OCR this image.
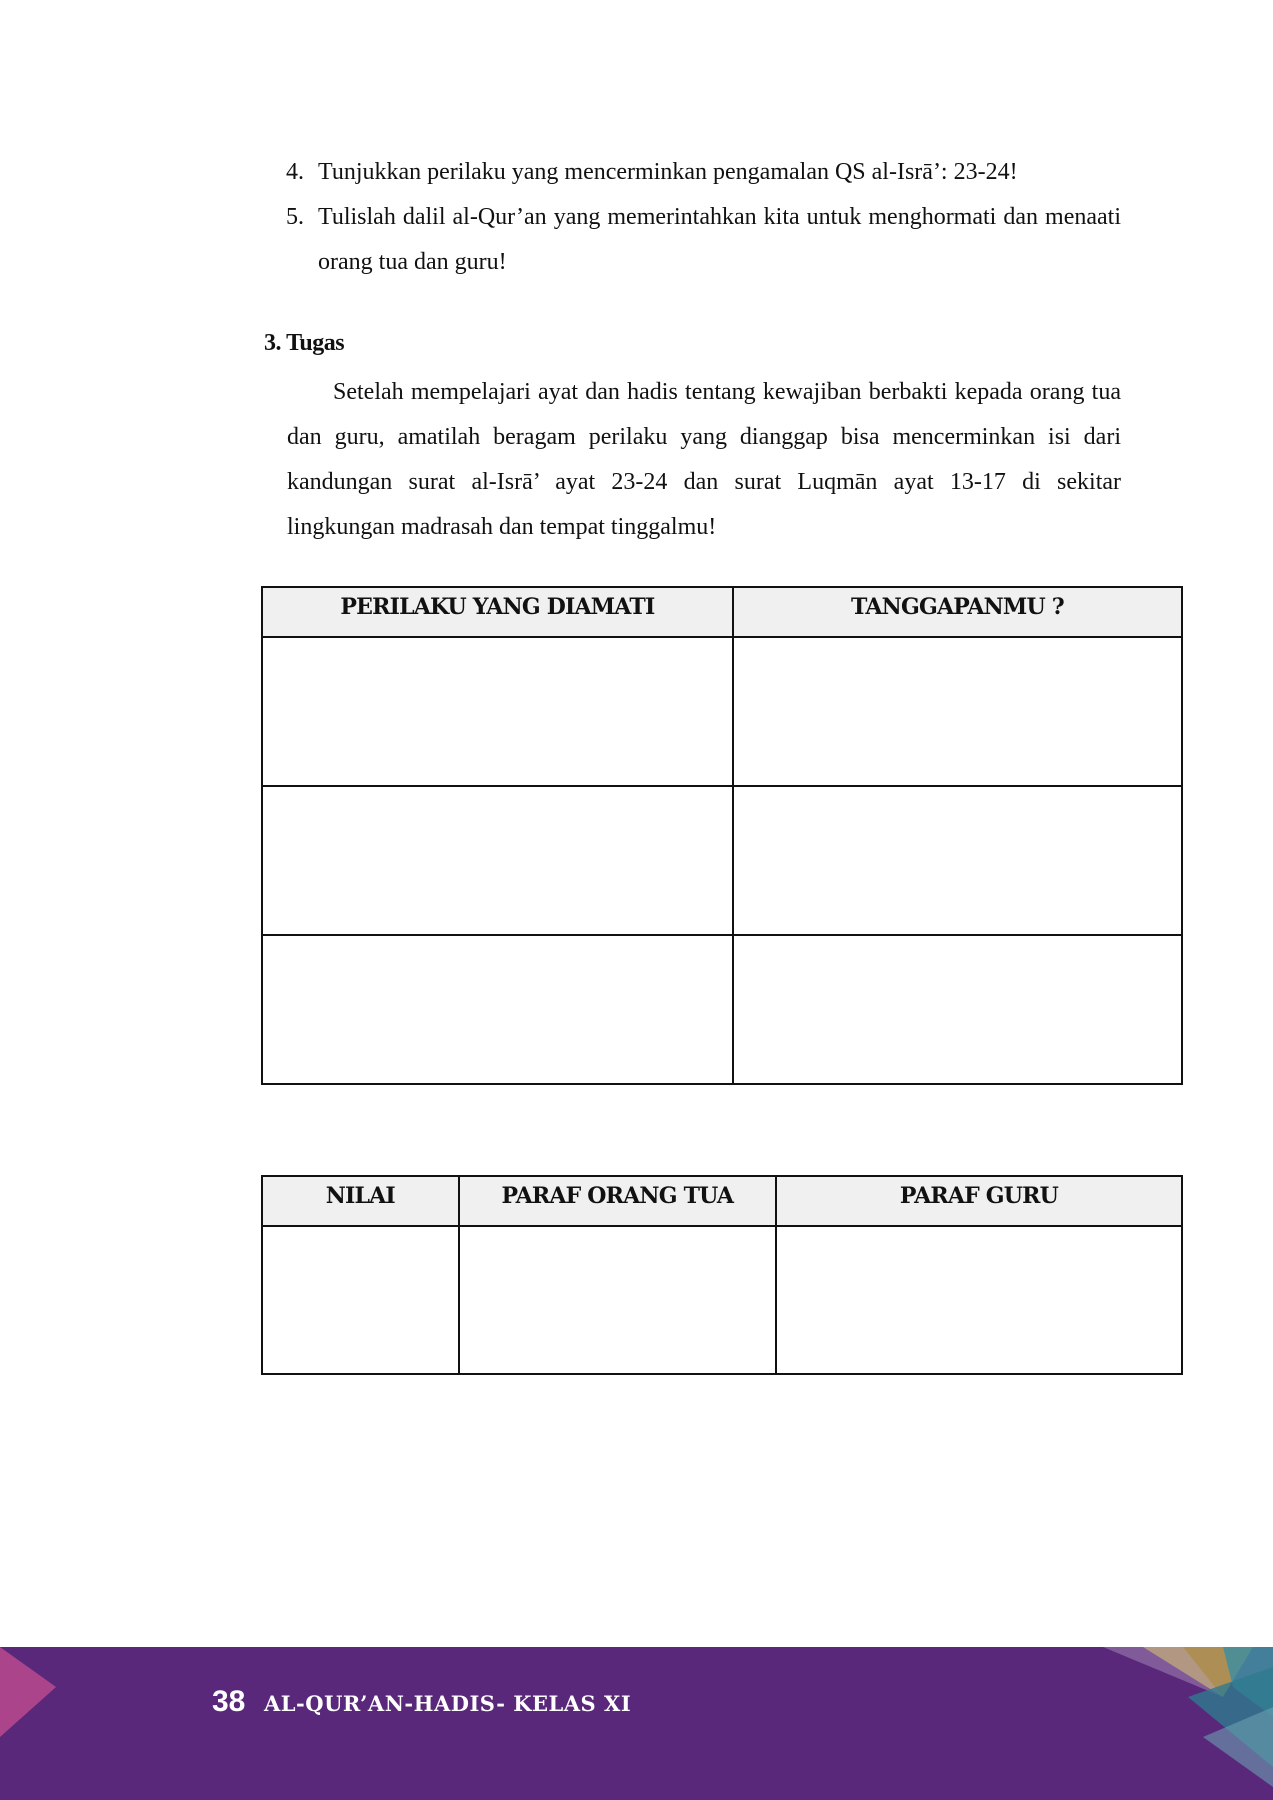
4. Tunjukkan perilaku yang mencerminkan pengamalan QS al-Isrā’: 23-24!
5. Tulislah dalil al-Qur’an yang memerintahkan kita untuk menghormati dan menaati orang tua dan guru!
3. Tugas

Setelah mempelajari ayat dan hadis tentang kewajiban berbakti kepada orang tua dan guru, amatilah beragam perilaku yang dianggap bisa mencerminkan isi dari kandungan surat al-Isrā’ ayat 23-24 dan surat Luqmān ayat 13-17 di sekitar lingkungan madrasah dan tempat tinggalmu!

PERILAKU YANG DIAMATI	TANGGAPANMU ?

NILAI	PARAF ORANG TUA	PARAF GURU

38 AL-QUR’AN-HADIS- KELAS XI
